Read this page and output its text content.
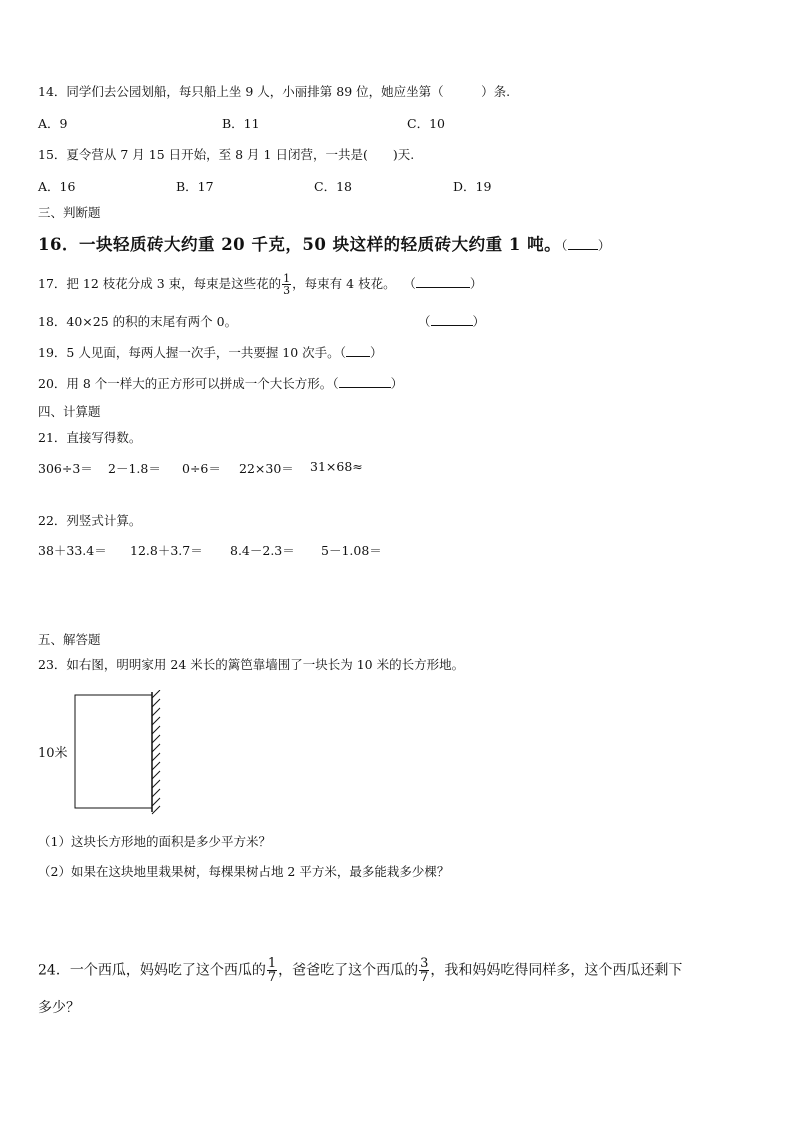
14．同学们去公园划船，每只船上坐 9 人，小丽排第 89 位，她应坐第（　　　）条.
A．9	B．11	C．10
15．夏令营从 7 月 15 日开始，至 8 月 1 日闭营，一共是(　　)天.
A．16	B．17	C．18	D．19
三、判断题
16．一块轻质砖大约重 20 千克，50 块这样的轻质砖大约重 1 吨。（ ）
17．把 12 枝花分成 3 束，每束是这些花的 $\frac{1}{3}$ ，每束有 4 枝花。 （	）
18．40×25 的积的末尾有两个 0。	（	）
19．5 人见面，每两人握一次手，一共要握 10 次手。（ ）
20．用 8 个一样大的正方形可以拼成一个大长方形。（	）
四、计算题
21．直接写得数。
306÷3＝ 2－1.8＝ 0÷6＝ 22×30＝ 31×68≈
22．列竖式计算。
38＋33.4＝ 12.8＋3.7＝ 8.4－2.3＝ 5－1.08＝
五、解答题
23．如右图，明明家用 24 米长的篱笆靠墙围了一块长为 10 米的长方形地。
10米
（1）这块长方形地的面积是多少平方米？
（2）如果在这块地里栽果树，每棵果树占地 2 平方米，最多能栽多少棵？
24．一个西瓜，妈妈吃了这个西瓜的 $\frac{1}{7}$ ，爸爸吃了这个西瓜的 $\frac{3}{7}$ ，我和妈妈吃得同样多，这个西瓜还剩下
多少？
